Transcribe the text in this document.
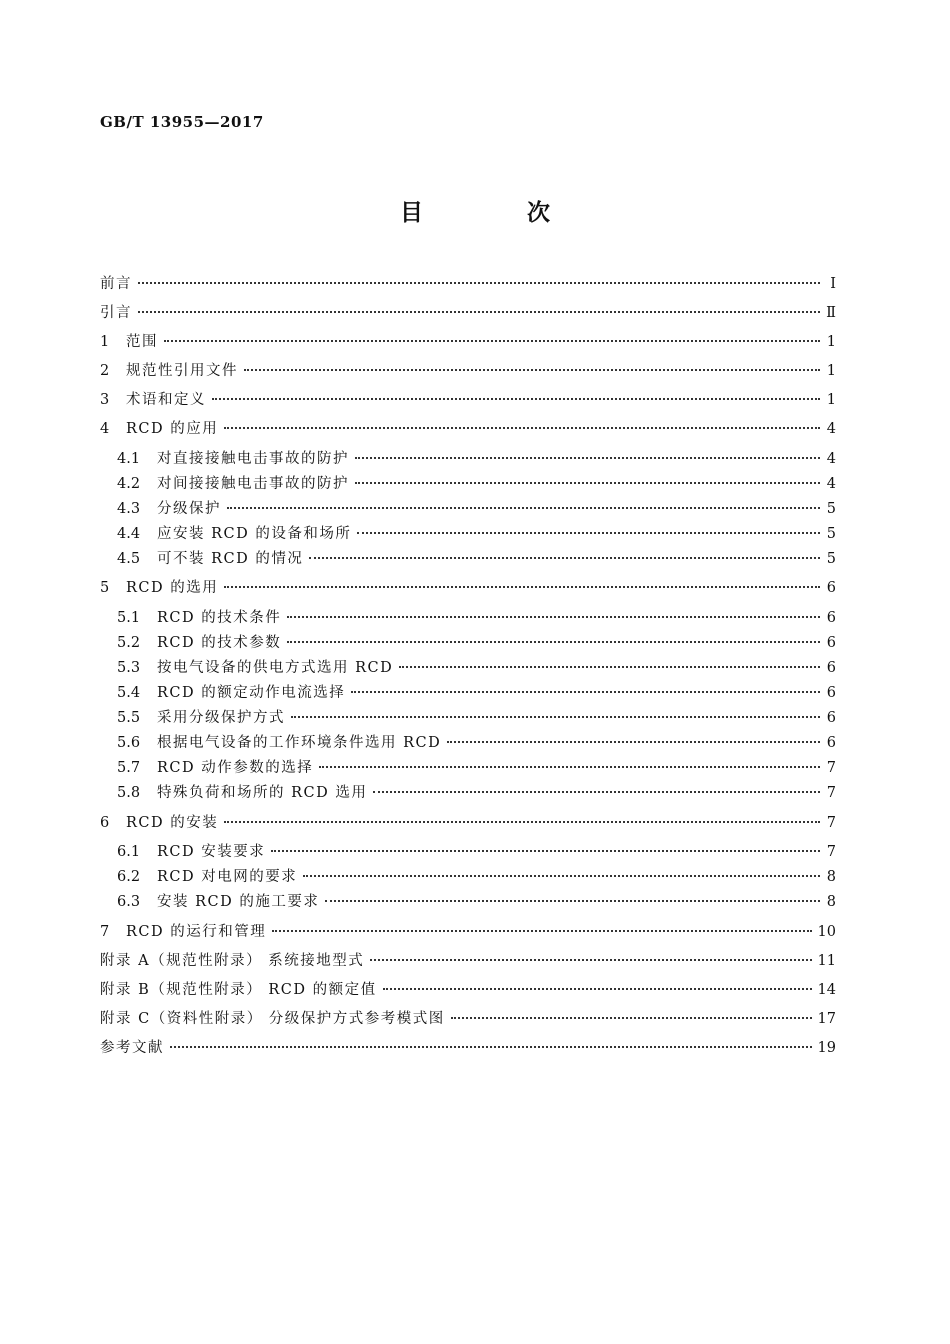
GB/T 13955—2017

目 次
前言	Ⅰ
引言	Ⅱ
1	范围	1
2	规范性引用文件	1
3	术语和定义	1
4	RCD 的应用	4
4.1	对直接接触电击事故的防护	4
4.2	对间接接触电击事故的防护	4
4.3	分级保护	5
4.4	应安装 RCD 的设备和场所	5
4.5	可不装 RCD 的情况	5
5	RCD 的选用	6
5.1	RCD 的技术条件	6
5.2	RCD 的技术参数	6
5.3	按电气设备的供电方式选用 RCD	6
5.4	RCD 的额定动作电流选择	6
5.5	采用分级保护方式	6
5.6	根据电气设备的工作环境条件选用 RCD	6
5.7	RCD 动作参数的选择	7
5.8	特殊负荷和场所的 RCD 选用	7
6	RCD 的安装	7
6.1	RCD 安装要求	7
6.2	RCD 对电网的要求	8
6.3	安装 RCD 的施工要求	8
7	RCD 的运行和管理	10
附录 A（规范性附录） 系统接地型式	11
附录 B（规范性附录） RCD 的额定值	14
附录 C（资料性附录） 分级保护方式参考模式图	17
参考文献	19
